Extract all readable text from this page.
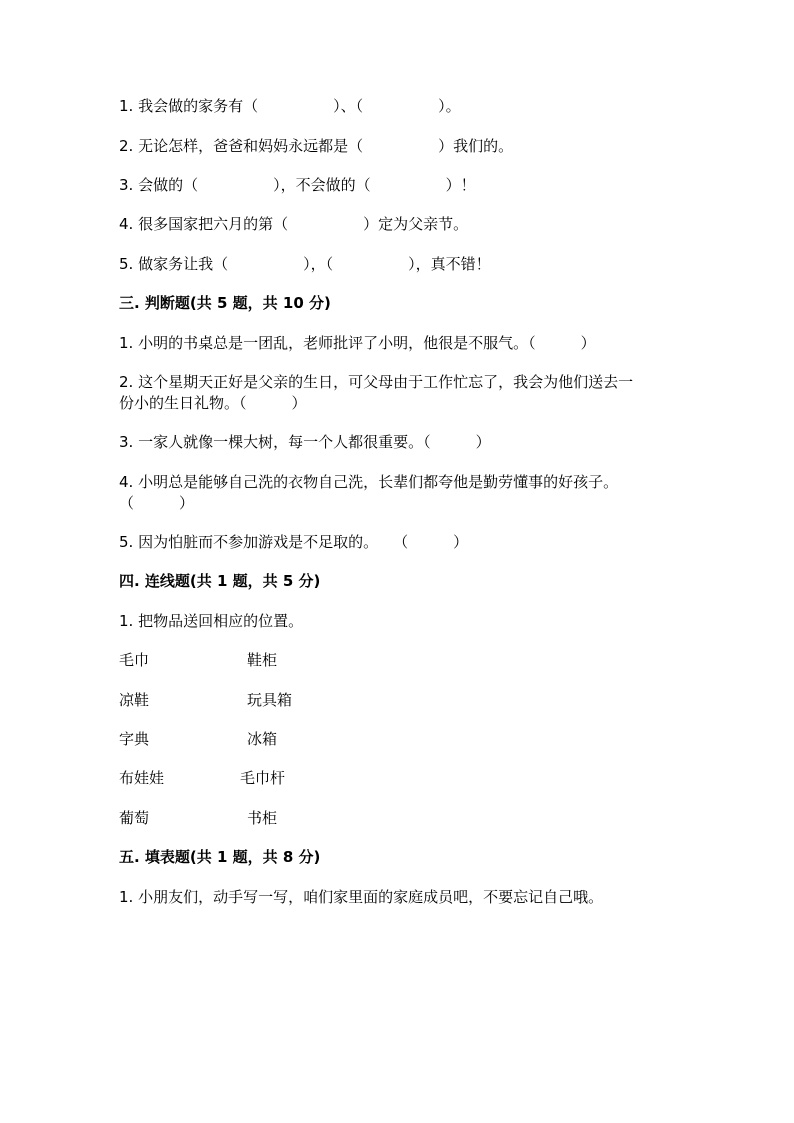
1. 我会做的家务有（　　　　　）、（　　　　　）。

2. 无论怎样，爸爸和妈妈永远都是（　　　　　）我们的。

3. 会做的（　　　　　），不会做的（　　　　　）！

4. 很多国家把六月的第（　　　　　）定为父亲节。

5. 做家务让我（　　　　　），（　　　　　），真不错！

三. 判断题(共 5 题，共 10 分)

1. 小明的书桌总是一团乱，老师批评了小明，他很是不服气。（　　　）

2. 这个星期天正好是父亲的生日，可父母由于工作忙忘了，我会为他们送去一

份小的生日礼物。（　　　）

3. 一家人就像一棵大树，每一个人都很重要。（　　　）

4. 小明总是能够自己洗的衣物自己洗，长辈们都夸他是勤劳懂事的好孩子。

（　　　）

5. 因为怕脏而不参加游戏是不足取的。　　（　　　）

四. 连线题(共 1 题，共 5 分)

1. 把物品送回相应的位置。

毛巾	鞋柜

凉鞋	玩具箱

字典	冰箱

布娃娃	毛巾杆

葡萄	书柜

五. 填表题(共 1 题，共 8 分)

1. 小朋友们，动手写一写，咱们家里面的家庭成员吧，不要忘记自己哦。
